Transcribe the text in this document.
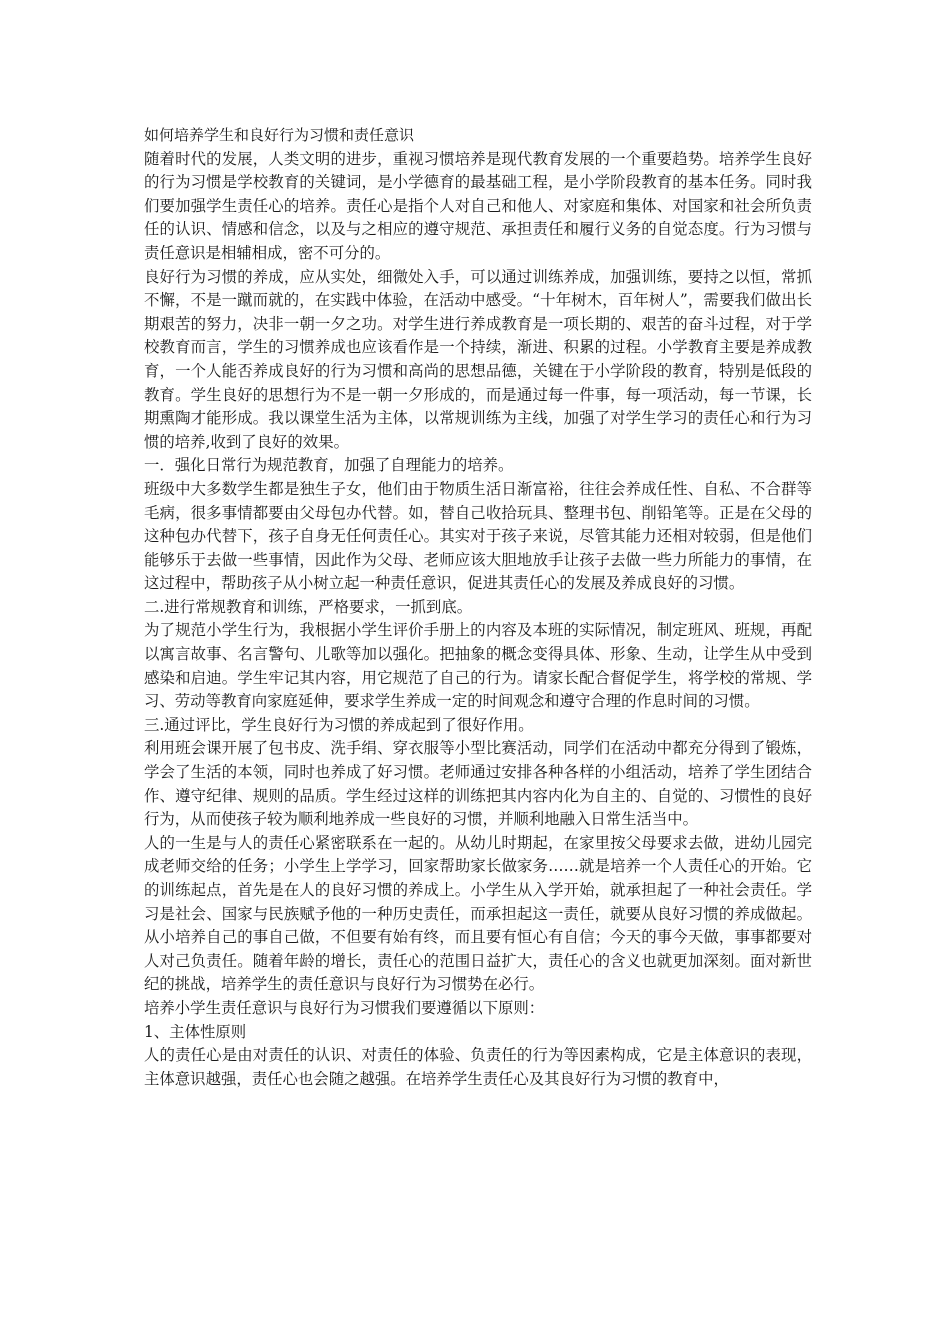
如何培养学生和良好行为习惯和责任意识

随着时代的发展，人类文明的进步，重视习惯培养是现代教育发展的一个重要趋势。培养学生良好的行为习惯是学校教育的关键词，是小学德育的最基础工程，是小学阶段教育的基本任务。同时我们要加强学生责任心的培养。责任心是指个人对自己和他人、对家庭和集体、对国家和社会所负责任的认识、情感和信念，以及与之相应的遵守规范、承担责任和履行义务的自觉态度。行为习惯与责任意识是相辅相成，密不可分的。

良好行为习惯的养成，应从实处，细微处入手，可以通过训练养成，加强训练，要持之以恒，常抓不懈，不是一蹴而就的，在实践中体验，在活动中感受。“十年树木，百年树人”，需要我们做出长期艰苦的努力，决非一朝一夕之功。对学生进行养成教育是一项长期的、艰苦的奋斗过程，对于学校教育而言，学生的习惯养成也应该看作是一个持续，渐进、积累的过程。小学教育主要是养成教育，一个人能否养成良好的行为习惯和高尚的思想品德，关键在于小学阶段的教育，特别是低段的教育。学生良好的思想行为不是一朝一夕形成的，而是通过每一件事，每一项活动，每一节课，长期熏陶才能形成。我以课堂生活为主体，以常规训练为主线，加强了对学生学习的责任心和行为习惯的培养,收到了良好的效果。

一．强化日常行为规范教育，加强了自理能力的培养。

班级中大多数学生都是独生子女，他们由于物质生活日渐富裕，往往会养成任性、自私、不合群等毛病，很多事情都要由父母包办代替。如，替自己收拾玩具、整理书包、削铅笔等。正是在父母的这种包办代替下，孩子自身无任何责任心。其实对于孩子来说，尽管其能力还相对较弱，但是他们能够乐于去做一些事情，因此作为父母、老师应该大胆地放手让孩子去做一些力所能力的事情，在这过程中，帮助孩子从小树立起一种责任意识，促进其责任心的发展及养成良好的习惯。

二.进行常规教育和训练，严格要求，一抓到底。

为了规范小学生行为，我根据小学生评价手册上的内容及本班的实际情况，制定班风、班规，再配以寓言故事、名言警句、儿歌等加以强化。把抽象的概念变得具体、形象、生动，让学生从中受到感染和启迪。学生牢记其内容，用它规范了自己的行为。请家长配合督促学生，将学校的常规、学习、劳动等教育向家庭延伸，要求学生养成一定的时间观念和遵守合理的作息时间的习惯。

三.通过评比，学生良好行为习惯的养成起到了很好作用。

利用班会课开展了包书皮、洗手绢、穿衣服等小型比赛活动，同学们在活动中都充分得到了锻炼，学会了生活的本领，同时也养成了好习惯。老师通过安排各种各样的小组活动，培养了学生团结合作、遵守纪律、规则的品质。学生经过这样的训练把其内容内化为自主的、自觉的、习惯性的良好行为，从而使孩子较为顺利地养成一些良好的习惯，并顺利地融入日常生活当中。

人的一生是与人的责任心紧密联系在一起的。从幼儿时期起，在家里按父母要求去做，进幼儿园完成老师交给的任务；小学生上学学习，回家帮助家长做家务……就是培养一个人责任心的开始。它的训练起点，首先是在人的良好习惯的养成上。小学生从入学开始，就承担起了一种社会责任。学习是社会、国家与民族赋予他的一种历史责任，而承担起这一责任，就要从良好习惯的养成做起。从小培养自己的事自己做，不但要有始有终，而且要有恒心有自信；今天的事今天做，事事都要对人对己负责任。随着年龄的增长，责任心的范围日益扩大，责任心的含义也就更加深刻。面对新世纪的挑战，培养学生的责任意识与良好行为习惯势在必行。

培养小学生责任意识与良好行为习惯我们要遵循以下原则：

1、主体性原则

人的责任心是由对责任的认识、对责任的体验、负责任的行为等因素构成，它是主体意识的表现，主体意识越强，责任心也会随之越强。在培养学生责任心及其良好行为习惯的教育中，
